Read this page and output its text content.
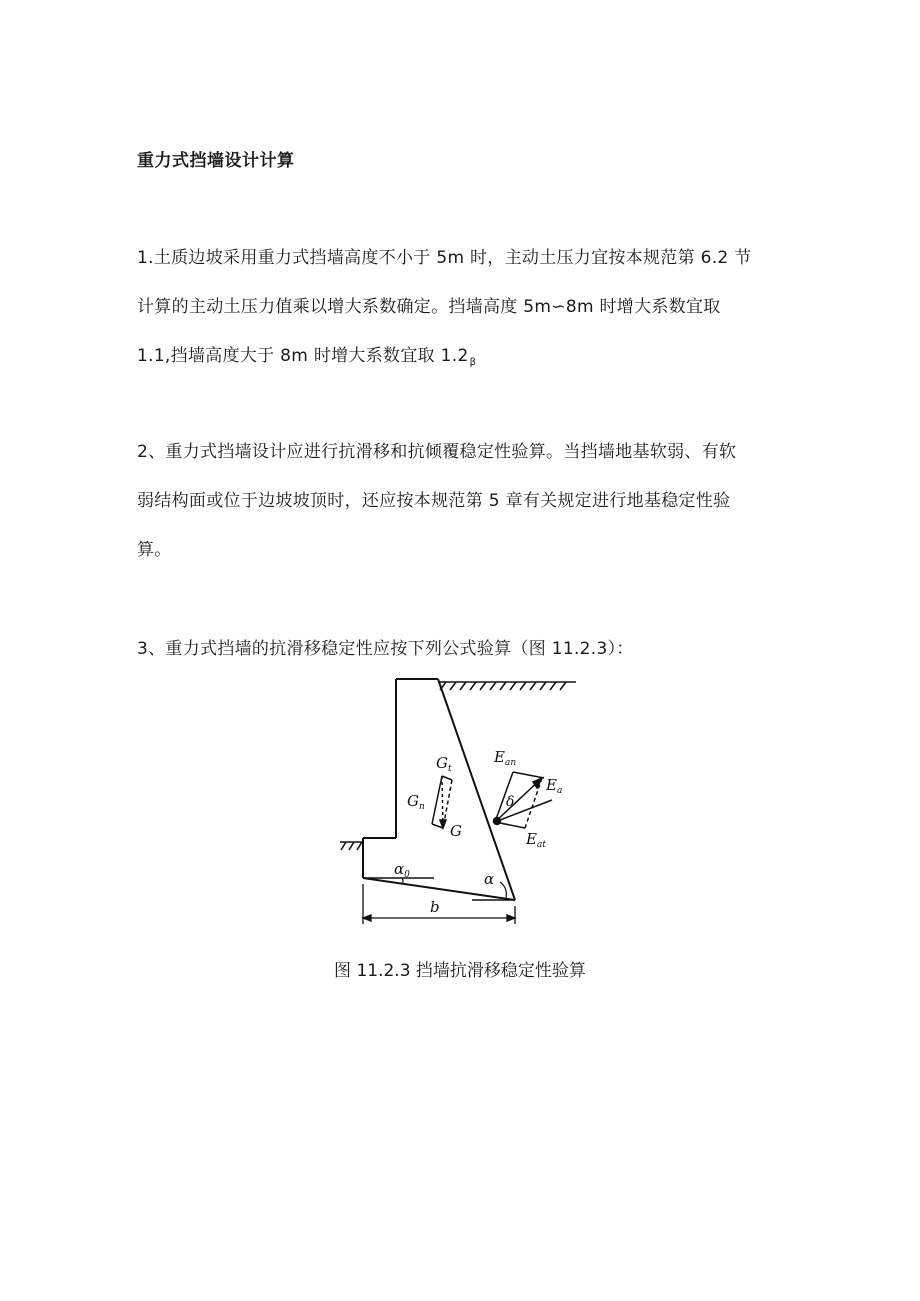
重力式挡墙设计计算
1.土质边坡采用重力式挡墙高度不小于 5m 时，主动土压力宜按本规范第 6.2 节
计算的主动土压力值乘以增大系数确定。挡墙高度 5m∽8m 时增大系数宜取
1.1,挡墙高度大于 8m 时增大系数宜取 $1.2_\beta$
2、重力式挡墙设计应进行抗滑移和抗倾覆稳定性验算。当挡墙地基软弱、有软
弱结构面或位于边坡坡顶时，还应按本规范第 5 章有关规定进行地基稳定性验
算。
3、重力式挡墙的抗滑移稳定性应按下列公式验算（图 11.2.3）：
$G_t$
$G_n$
G
$E_{an}$
$E_a$
$E_{at}$
δ
α
$\alpha_0$
b
图 11.2.3 挡墙抗滑移稳定性验算
